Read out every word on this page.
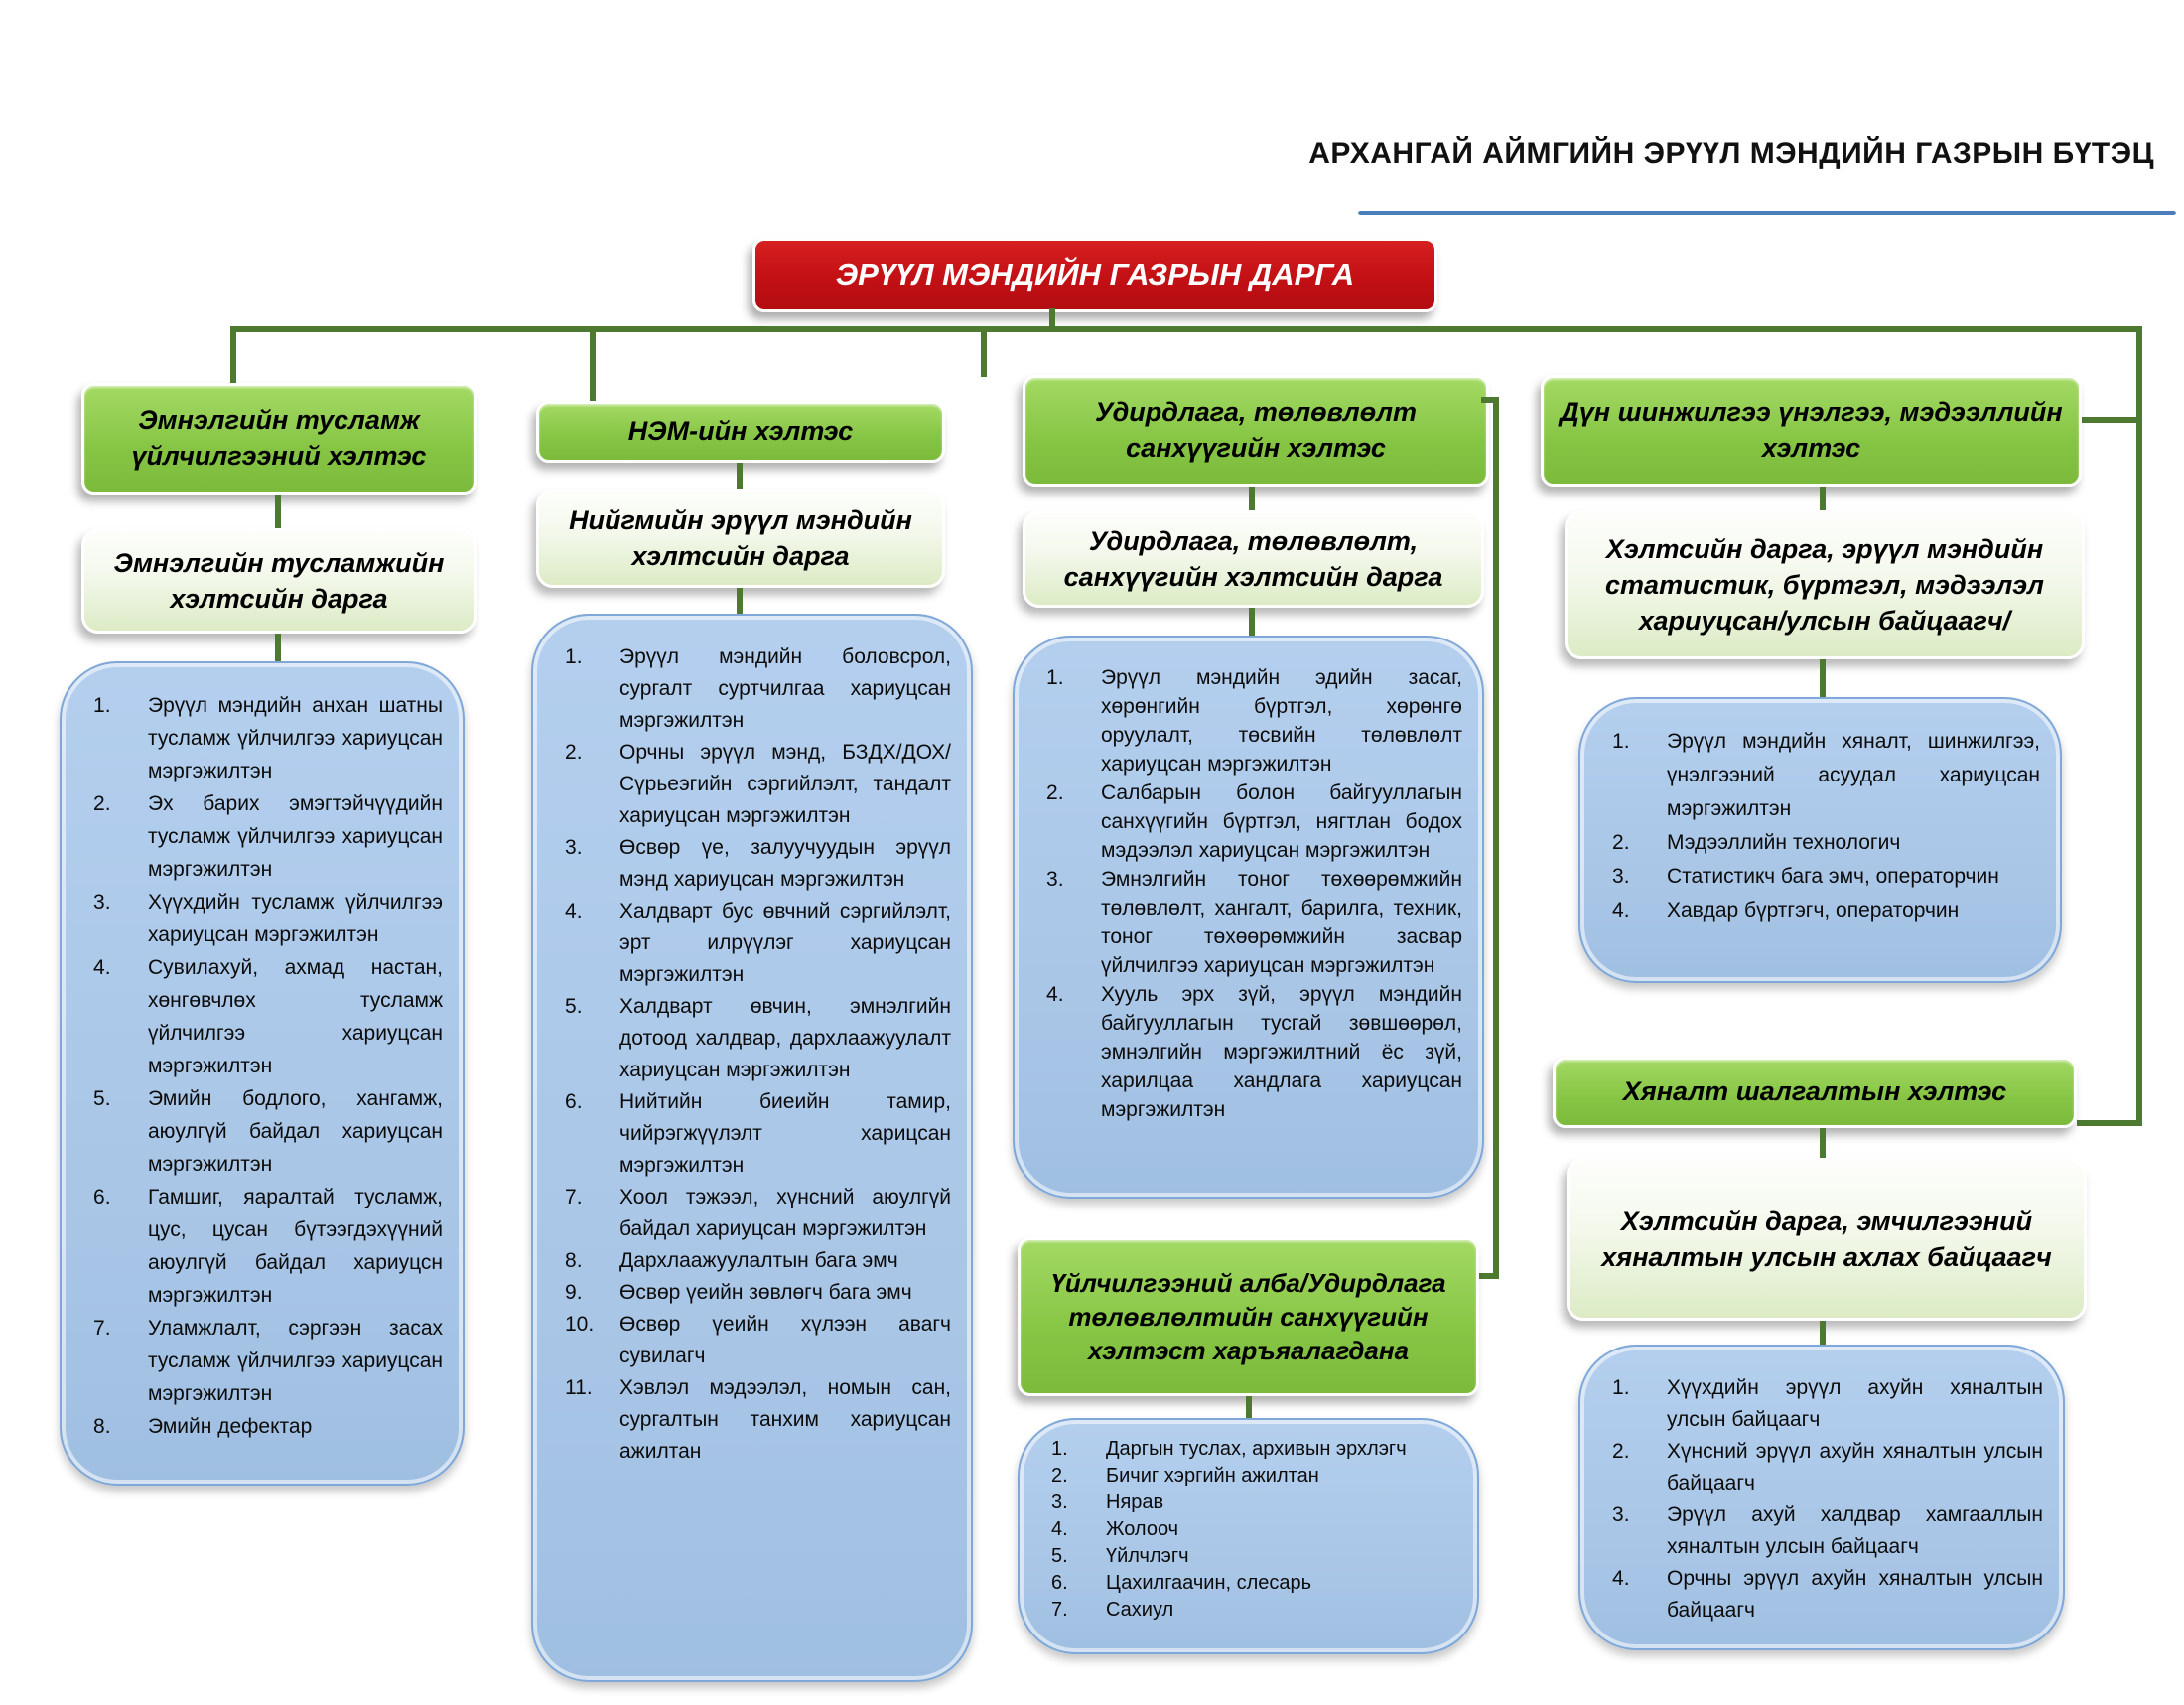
АРХАНГАЙ АЙМГИЙН ЭРҮҮЛ МЭНДИЙН ГАЗРЫН БҮТЭЦ
ЭРҮҮЛ МЭНДИЙН ГАЗРЫН ДАРГА
Эмнэлгийн тусламж үйлчилгээний хэлтэс
Эмнэлгийн тусламжийн хэлтсийн дарга
Эрүүл мэндийн анхан шатны тусламж үйлчилгээ хариуцсан мэргэжилтэн
Эх барих эмэгтэйчүүдийн тусламж үйлчилгээ хариуцсан мэргэжилтэн
Хүүхдийн тусламж үйлчилгээ хариуцсан мэргэжилтэн
Сувилахуй, ахмад настан, хөнгөвчлөх тусламж үйлчилгээ хариуцсан мэргэжилтэн
Эмийн бодлого, хангамж, аюулгүй байдал хариуцсан мэргэжилтэн
Гамшиг, яаралтай тусламж, цус, цусан бүтээгдэхүүний аюулгүй байдал хариуцсн мэргэжилтэн
Уламжлалт, сэргээн засах тусламж үйлчилгээ хариуцсан мэргэжилтэн
Эмийн дефектар
НЭМ-ийн хэлтэс
Нийгмийн эрүүл мэндийн хэлтсийн дарга
Эрүүл мэндийн боловсрол, сургалт суртчилгаа хариуцсан мэргэжилтэн
Орчны эрүүл мэнд, БЗДХ/ДОХ/ Сүрьеэгийн сэргийлэлт, тандалт хариуцсан мэргэжилтэн
Өсвөр үе, залуучуудын эрүүл мэнд хариуцсан мэргэжилтэн
Халдварт бус өвчний сэргийлэлт, эрт илрүүлэг хариуцсан мэргэжилтэн
Халдварт өвчин, эмнэлгийн дотоод халдвар, дархлаажуулалт хариуцсан мэргэжилтэн
Нийтийн биеийн тамир, чийрэгжүүлэлт харицсан мэргэжилтэн
Хоол тэжээл, хүнсний аюулгүй байдал хариуцсан мэргэжилтэн
Дархлаажуулалтын бага эмч
Өсвөр үеийн зөвлөгч бага эмч
Өсвөр үеийн хүлээн авагч сувилагч
Хэвлэл мэдээлэл, номын сан, сургалтын танхим хариуцсан ажилтан
Удирдлага, төлөвлөлт санхүүгийн хэлтэс
Удирдлага, төлөвлөлт, санхүүгийн хэлтсийн дарга
Эрүүл мэндийн эдийн засаг, хөрөнгийн бүртгэл, хөрөнгө оруулалт, төсвийн төлөвлөлт хариуцсан мэргэжилтэн
Салбарын болон байгууллагын санхүүгийн бүртгэл, нягтлан бодох мэдээлэл хариуцсан мэргэжилтэн
Эмнэлгийн тоног төхөөрөмжийн төлөвлөлт, хангалт, барилга, техник, тоног төхөөрөмжийн засвар үйлчилгээ хариуцсан мэргэжилтэн
Хууль эрх зүй, эрүүл мэндийн байгууллагын тусгай зөвшөөрөл, эмнэлгийн мэргэжилтний ёс зүй, харилцаа хандлага хариуцсан мэргэжилтэн
Үйлчилгээний алба/Удирдлага төлөвлөлтийн санхүүгийн хэлтэст харъяалагдана
Даргын туслах, архивын эрхлэгч
Бичиг хэргийн ажилтан
Нярав
Жолооч
Үйлчлэгч
Цахилгаачин, слесарь
Сахиул
Дүн шинжилгээ үнэлгээ, мэдээллийн хэлтэс
Хэлтсийн дарга, эрүүл мэндийн статистик, бүртгэл, мэдээлэл хариуцсан/улсын байцаагч/
Эрүүл мэндийн хяналт, шинжилгээ, үнэлгээний асуудал хариуцсан мэргэжилтэн
Мэдээллийн технологич
Статистикч бага эмч, операторчин
Хавдар бүртгэгч, операторчин
Хяналт шалгалтын хэлтэс
Хэлтсийн дарга, эмчилгээний хяналтын улсын ахлах байцаагч
Хүүхдийн эрүүл ахуйн хяналтын улсын байцаагч
Хүнсний эрүүл ахуйн хяналтын улсын байцаагч
Эрүүл ахуй халдвар хамгааллын хяналтын улсын байцаагч
Орчны эрүүл ахуйн хяналтын улсын байцаагч
